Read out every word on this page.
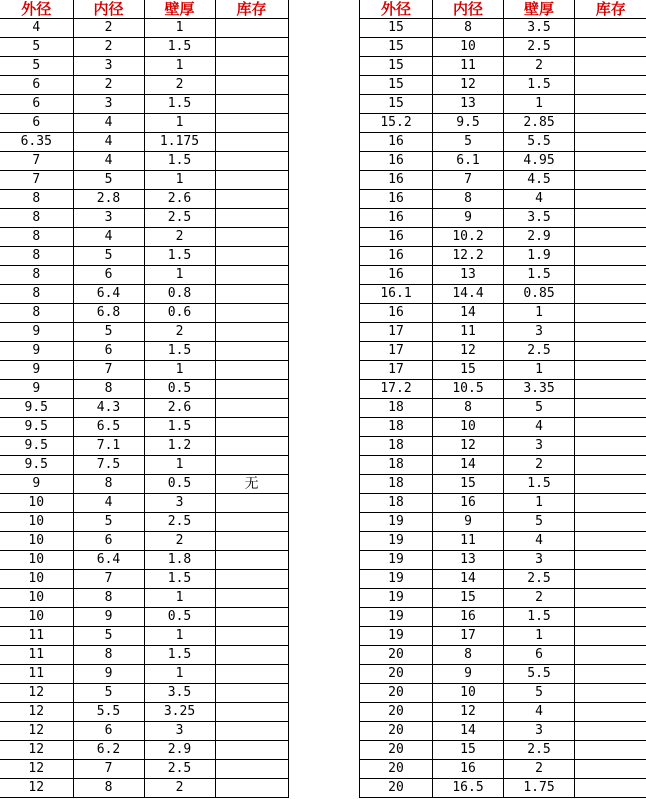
外径	内径	壁厚	库存
4	2	1	
5	2	1.5	
5	3	1	
6	2	2	
6	3	1.5	
6	4	1	
6.35	4	1.175	
7	4	1.5	
7	5	1	
8	2.8	2.6	
8	3	2.5	
8	4	2	
8	5	1.5	
8	6	1	
8	6.4	0.8	
8	6.8	0.6	
9	5	2	
9	6	1.5	
9	7	1	
9	8	0.5	
9.5	4.3	2.6	
9.5	6.5	1.5	
9.5	7.1	1.2	
9.5	7.5	1	
9	8	0.5	无
10	4	3	
10	5	2.5	
10	6	2	
10	6.4	1.8	
10	7	1.5	
10	8	1	
10	9	0.5	
11	5	1	
11	8	1.5	
11	9	1	
12	5	3.5	
12	5.5	3.25	
12	6	3	
12	6.2	2.9	
12	7	2.5	
12	8	2	
外径	内径	壁厚	库存
15	8	3.5	
15	10	2.5	
15	11	2	
15	12	1.5	
15	13	1	
15.2	9.5	2.85	
16	5	5.5	
16	6.1	4.95	
16	7	4.5	
16	8	4	
16	9	3.5	
16	10.2	2.9	
16	12.2	1.9	
16	13	1.5	
16.1	14.4	0.85	
16	14	1	
17	11	3	
17	12	2.5	
17	15	1	
17.2	10.5	3.35	
18	8	5	
18	10	4	
18	12	3	
18	14	2	
18	15	1.5	
18	16	1	
19	9	5	
19	11	4	
19	13	3	
19	14	2.5	
19	15	2	
19	16	1.5	
19	17	1	
20	8	6	
20	9	5.5	
20	10	5	
20	12	4	
20	14	3	
20	15	2.5	
20	16	2	
20	16.5	1.75	
